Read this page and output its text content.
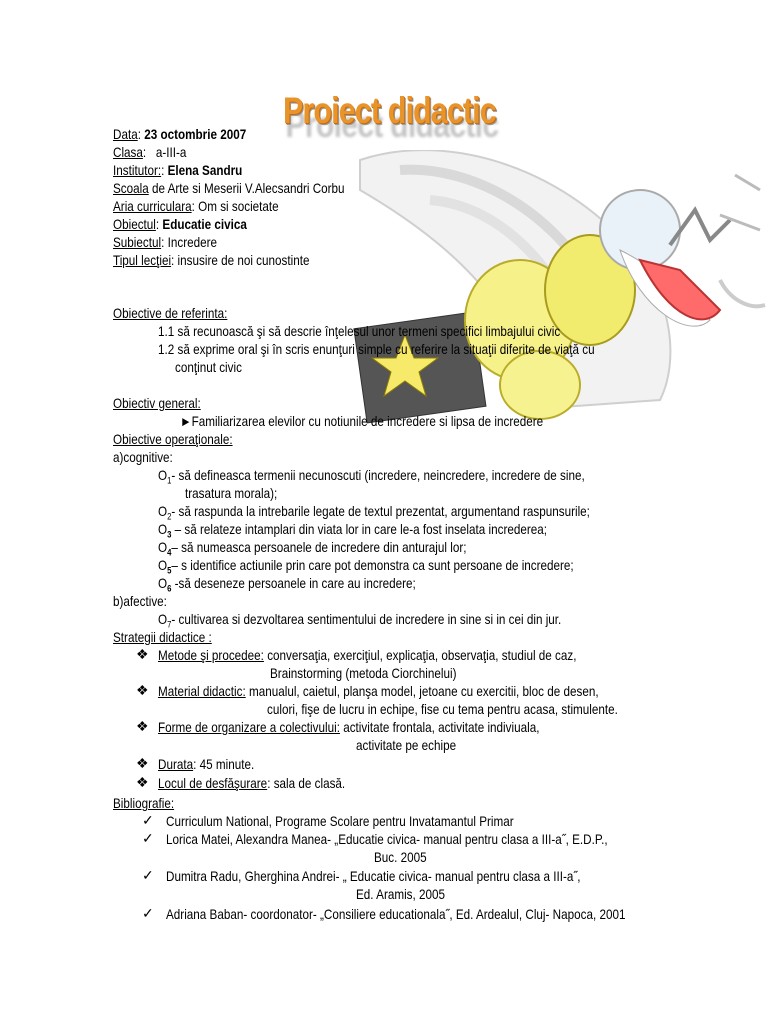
Proiect didactic
Data: 23 octombrie 2007
Clasa:   a-III-a
Institutor:: Elena Sandru
Scoala de Arte si Meserii V.Alecsandri Corbu
Aria curriculara: Om si societate
Obiectul: Educatie civica
Subiectul: Incredere
Tipul lecţiei: insusire de noi cunostinte
Obiective de referinta:
1.1 să recunoască şi să descrie înţelesul unor termeni specifici limbajului civic
1.2 să exprime oral şi în scris enunţuri simple cu referire la situaţii diferite de viaţă cu
conţinut civic
Obiectiv general:
►Familiarizarea elevilor cu notiunile de incredere si lipsa de incredere
Obiective operaţionale:
a)cognitive:
$O_1-$ să defineasca termenii necunoscuti (incredere, neincredere, incredere de sine,
trasatura morala);
$O_2-$ să raspunda la intrebarile legate de textul prezentat, argumentand raspunsurile;
$O_3$ – să relateze intamplari din viata lor in care le-a fost inselata increderea;
$O_4-$ să numeasca persoanele de incredere din anturajul lor;
$O_5-$ s identifice actiunile prin care pot demonstra ca sunt persoane de incredere;
$O_6$ -să deseneze persoanele in care au incredere;
b)afective:
$O_7-$ cultivarea si dezvoltarea sentimentului de incredere in sine si in cei din jur.
Strategii didactice :
❖ Metode şi procedee: conversaţia, exerciţiul, explicaţia, observaţia, studiul de caz,
Brainstorming (metoda Ciorchinelui)
❖ Material didactic: manualul, caietul, planşa model, jetoane cu exercitii, bloc de desen,
culori, fişe de lucru in echipe, fise cu tema pentru acasa, stimulente.
❖ Forme de organizare a colectivului: activitate frontala, activitate indiviuala,
activitate pe echipe
❖ Durata: 45 minute.
❖ Locul de desfăşurare: sala de clasă.
Bibliografie:
✓ Curriculum National, Programe Scolare pentru Invatamantul Primar
✓ Lorica Matei, Alexandra Manea- „Educatie civica- manual pentru clasa a III-a˝, E.D.P.,
Buc. 2005
✓ Dumitra Radu, Gherghina Andrei- „ Educatie civica- manual pentru clasa a III-a˝,
Ed. Aramis, 2005
✓ Adriana Baban- coordonator- „Consiliere educationala˝, Ed. Ardealul, Cluj- Napoca, 2001
